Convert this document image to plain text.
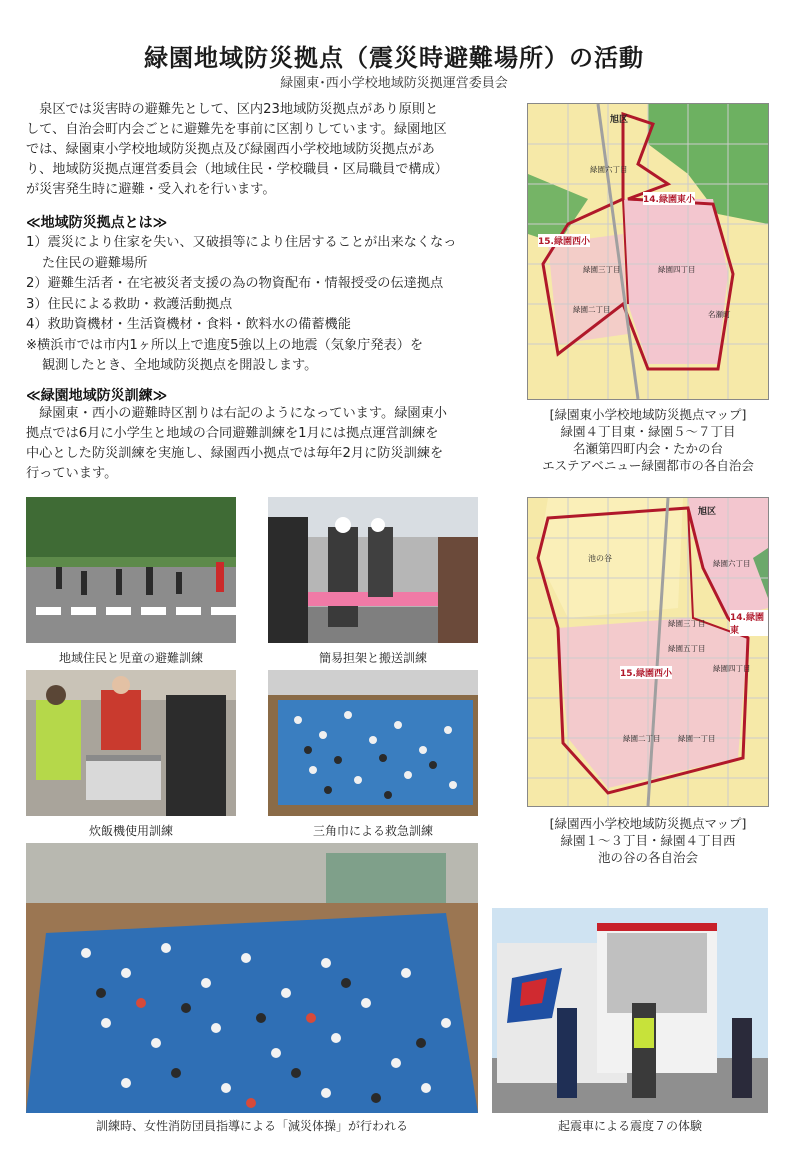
緑園地域防災拠点（震災時避難場所）の活動
緑園東･西小学校地域防災拠運営委員会

　泉区では災害時の避難先として、区内23地域防災拠点があり原則と

して、自治会町内会ごとに避難先を事前に区割りしています。緑園地区

では、緑園東小学校地域防災拠点及び緑園西小学校地域防災拠点があ

り、地域防災拠点運営委員会（地域住民・学校職員・区局職員で構成）

が災害発生時に避難・受入れを行います。

≪地域防災拠点とは≫
1）震災により住家を失い、又破損等により住居することが出来なくなっ
た住民の避難場所
2）避難生活者・在宅被災者支援の為の物資配布・情報授受の伝達拠点
3）住民による救助・救護活動拠点
4）救助資機材・生活資機材・食料・飲料水の備蓄機能
※横浜市では市内1ヶ所以上で進度5強以上の地震（気象庁発表）を
観測したとき、全地域防災拠点を開設します。
≪緑園地域防災訓練≫

　緑園東・西小の避難時区割りは右記のようになっています。緑園東小

拠点では6月に小学生と地域の合同避難訓練を1月には拠点運営訓練を

中心とした防災訓練を実施し、緑園西小拠点では毎年2月に防災訓練を

行っています。

旭区
14.緑園東小
15.緑園西小
緑園六丁目
緑園四丁目
緑園三丁目
緑園二丁目
名瀬町
[緑園東小学校地域防災拠点マップ]
緑園４丁目東・緑園５～７丁目
名瀬第四町内会・たかの台
エステアベニュー緑園都市の各自治会
旭区
15.緑園西小
14.緑園東
池の谷
緑園六丁目
緑園五丁目
緑園四丁目
緑園三丁目
緑園二丁目 緑園一丁目
[緑園西小学校地域防災拠点マップ]
緑園１～３丁目・緑園４丁目西
池の谷の各自治会
地域住民と児童の避難訓練	簡易担架と搬送訓練
炊飯機使用訓練	三角巾による救急訓練
訓練時、女性消防団員指導による「減災体操」が行われる	起震車による震度７の体験
